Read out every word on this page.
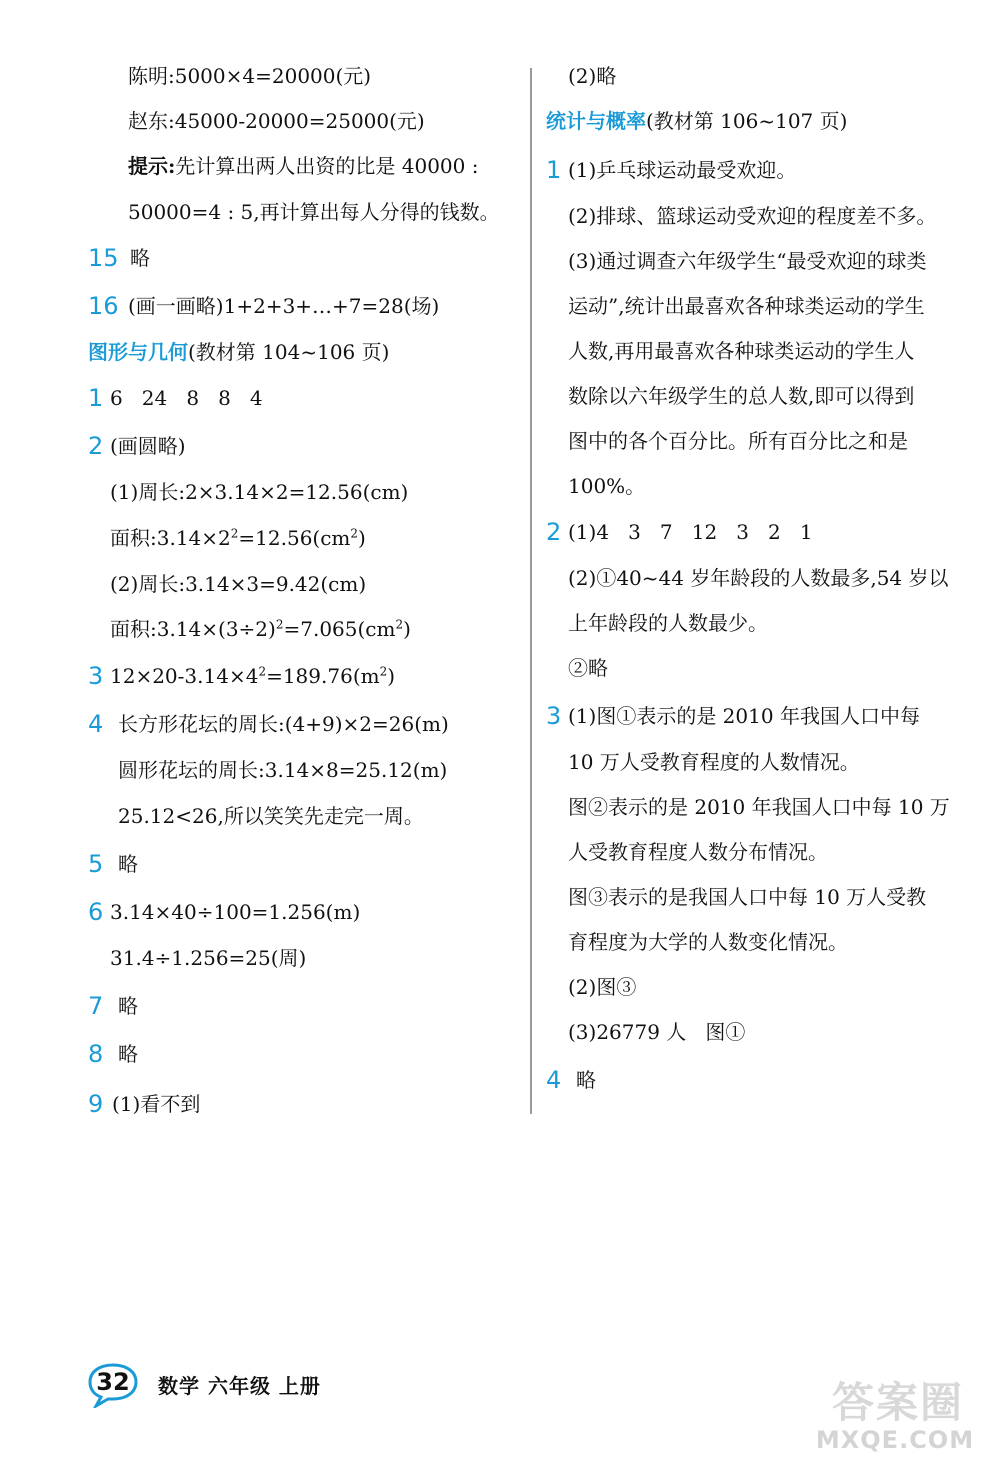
陈明:5000×4=20000(元)
赵东:45000-20000=25000(元)
提示:先计算出两人出资的比是 40000 :
50000=4 : 5,再计算出每人分得的钱数。
15 略
16 (画一画略)1+2+3+…+7=28(场)
图形与几何(教材第 104~106 页)
1 6   24   8   8   4
2 (画圆略)
(1)周长:2×3.14×2=12.56(cm)
面积$:3.14\times 2^2=12.56(cm^2)$
(2)周长:3.14×3=9.42(cm)
面积$:3.14\times(3\div 2)^2=7.065(cm^2)$
3 $12\times 20-3.14\times 4^2=189.76(m^2)$
4 长方形花坛的周长:(4+9)×2=26(m)
圆形花坛的周长:3.14×8=25.12(m)
25.12<26,所以笑笑先走完一周。
5 略
6 3.14×40÷100=1.256(m)
31.4÷1.256=25(周)
7 略
8 略
9 (1)看不到
(2)略
统计与概率(教材第 106~107 页)
1 (1)乒乓球运动最受欢迎。
(2)排球、篮球运动受欢迎的程度差不多。
(3)通过调查六年级学生“最受欢迎的球类
运动”,统计出最喜欢各种球类运动的学生
人数,再用最喜欢各种球类运动的学生人
数除以六年级学生的总人数,即可以得到
图中的各个百分比。所有百分比之和是
100%。
2 (1)4   3   7   12   3   2   1
(2)①40~44 岁年龄段的人数最多,54 岁以
上年龄段的人数最少。
②略
3 (1)图①表示的是 2010 年我国人口中每
10 万人受教育程度的人数情况。
图②表示的是 2010 年我国人口中每 10 万
人受教育程度人数分布情况。
图③表示的是我国人口中每 10 万人受教
育程度为大学的人数变化情况。
(2)图③
(3)26779 人   图①
4 略
32	数学 六年级 上册	答案圈
MXQE.COM
